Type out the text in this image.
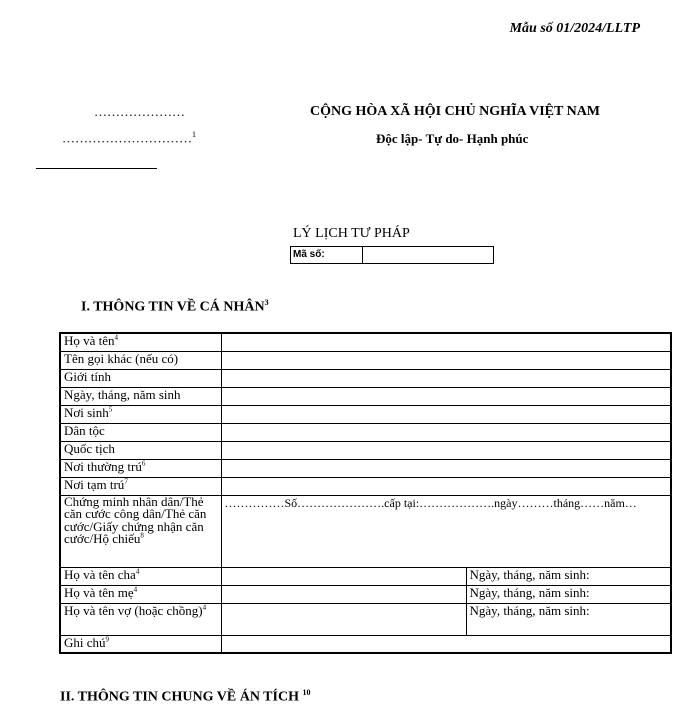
Mẫu số 01/2024/LLTP
…………………
…………………………$^1$
CỘNG HÒA XÃ HỘI CHỦ NGHĨA VIỆT NAM
Độc lập- Tự do- Hạnh phúc
LÝ LỊCH TƯ PHÁP
Mã số:
I. THÔNG TIN VỀ CÁ NHÂN$^3$
Họ và tên$^4$	
Tên gọi khác (nếu có)		
Giới tính		
Ngày, tháng, năm sinh		
Nơi $\sinh^5$	
Dân tộc		
Quốc tịch		
Nơi thường trú$^6$	
Nơi tạm trú$^7$	
Chứng minh nhân dân/Thẻ căn cước công dân/Thẻ căn cước/Giấy chứng nhận căn cước/Hộ chiếu$^8$	……………Số………………….cấp tại:……………….ngày………tháng……năm…	
Họ và tên cha$^4$		Ngày, tháng, năm sinh:
Họ và tên mẹ$^4$		Ngày, tháng, năm sinh:
Họ và tên vợ (hoặc chồng)$^4$		Ngày, tháng, năm sinh:
Ghi chú$^9$	
II. THÔNG TIN CHUNG VỀ ÁN TÍCH $^{10}$
